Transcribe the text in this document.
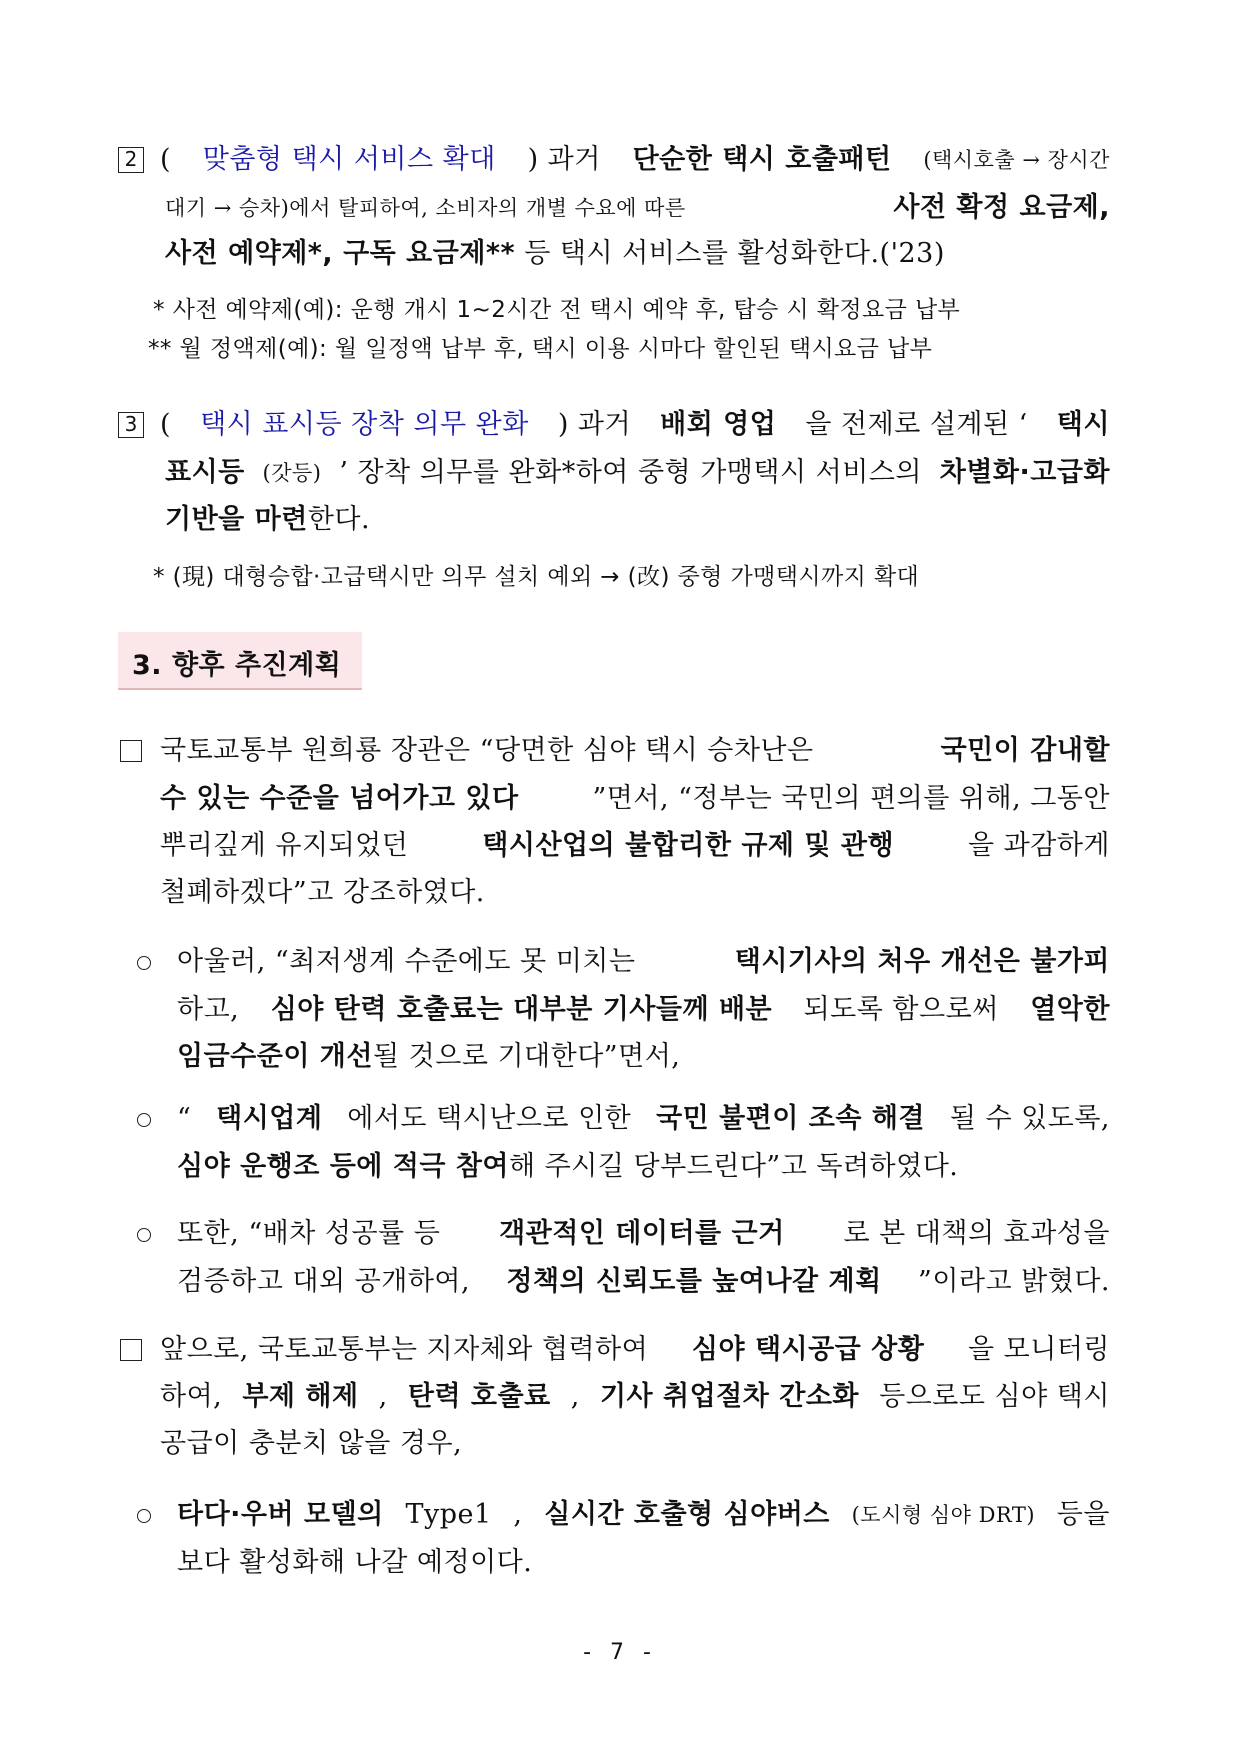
2 ( 맞춤형 택시 서비스 확대 ) 과거 단순한 택시 호출패턴 (택시호출 → 장시간
대기 → 승차)에서 탈피하여, 소비자의 개별 수요에 따른	사전 확정 요금제,
사전 예약제*, 구독 요금제** 등 택시 서비스를 활성화한다.('23)
* 사전 예약제(예): 운행 개시 1~2시간 전 택시 예약 후, 탑승 시 확정요금 납부
** 월 정액제(예): 월 일정액 납부 후, 택시 이용 시마다 할인된 택시요금 납부
3 ( 택시 표시등 장착 의무 완화 ) 과거 배회 영업 을 전제로 설계된 ‘ 택시
표시등 (갓등) ’ 장착 의무를 완화*하여 중형 가맹택시 서비스의 차별화·고급화
기반을 마련한다.
* (現) 대형승합·고급택시만 의무 설치 예외 → (改) 중형 가맹택시까지 확대
3. 향후 추진계획
국토교통부 원희룡 장관은 “당면한 심야 택시 승차난은	국민이 감내할
수 있는 수준을 넘어가고 있다	”면서, “정부는 국민의 편의를 위해, 그동안
뿌리깊게 유지되었던	택시산업의 불합리한 규제 및 관행	을 과감하게
철폐하겠다”고 강조하였다.
아울러, “최저생계 수준에도 못 미치는	택시기사의 처우 개선은 불가피
하고, 심야 탄력 호출료는 대부분 기사들께 배분 되도록 함으로써 열악한
임금수준이 개선될 것으로 기대한다”면서,
“ 택시업계 에서도 택시난으로 인한 국민 불편이 조속 해결 될 수 있도록,
심야 운행조 등에 적극 참여해 주시길 당부드린다”고 독려하였다.
또한, “배차 성공률 등 객관적인 데이터를 근거 로 본 대책의 효과성을
검증하고 대외 공개하여, 정책의 신뢰도를 높여나갈 계획 ”이라고 밝혔다.
앞으로, 국토교통부는 지자체와 협력하여 심야 택시공급 상황 을 모니터링
하여, 부제 해제 , 탄력 호출료 , 기사 취업절차 간소화 등으로도 심야 택시
공급이 충분치 않을 경우,
타다·우버 모델의 Type1 , 실시간 호출형 심야버스 (도시형 심야 DRT) 등을
보다 활성화해 나갈 예정이다.
- 7 -
